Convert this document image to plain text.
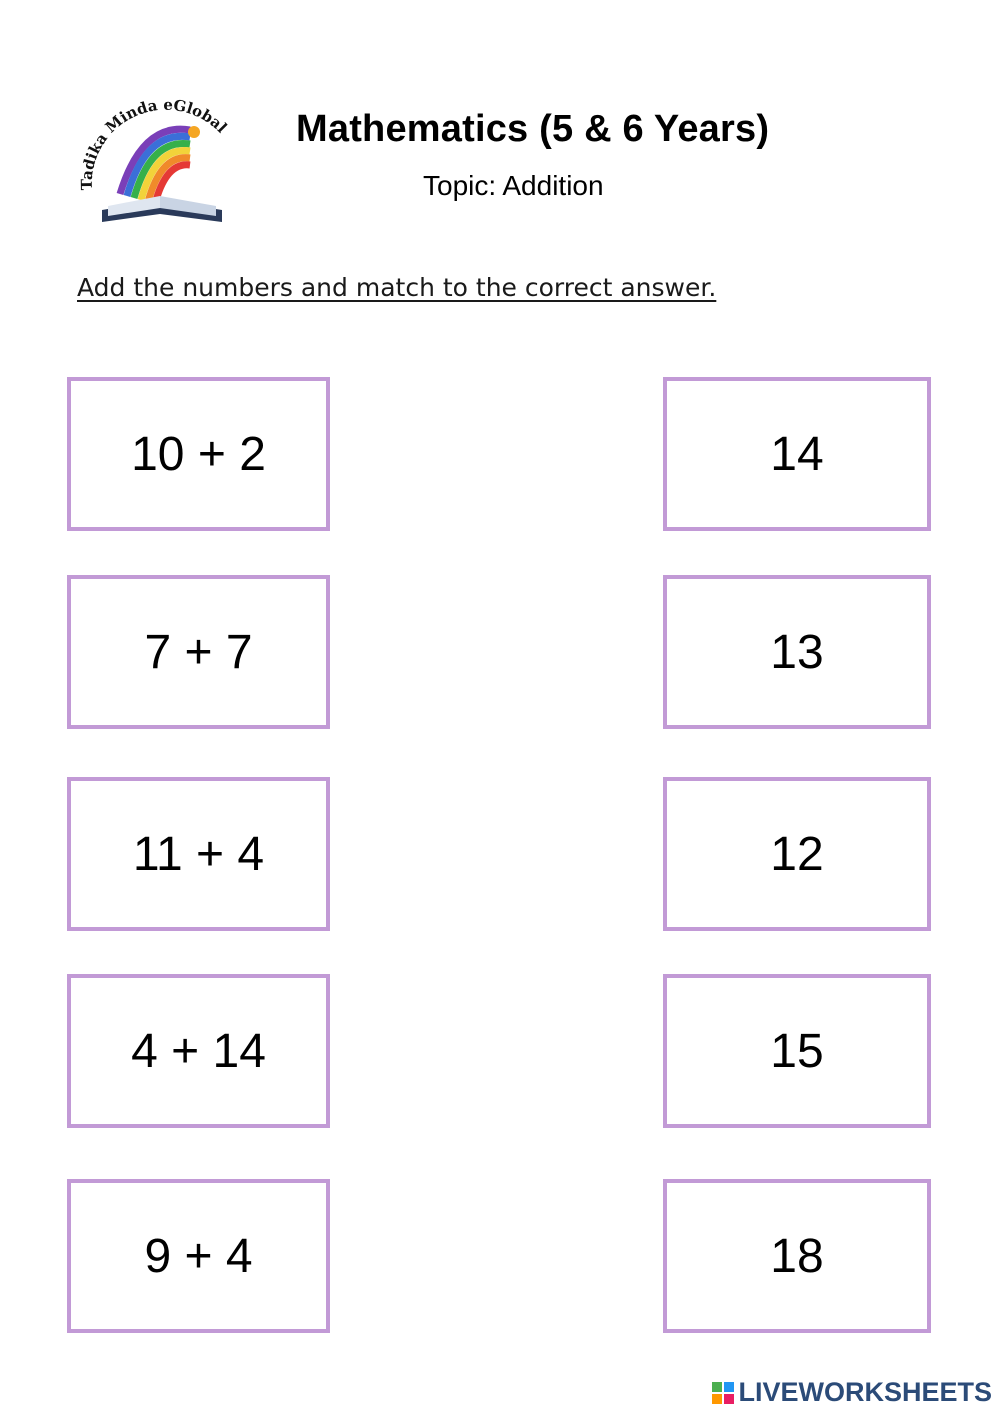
Tadika Minda eGlobal Mathematics (5 & 6 Years)
Topic: Addition
Add the numbers and match to the correct answer.
10 + 2
7 + 7
11 + 4
4 + 14
9 + 4
14
13
12
15
18
LIVEWORKSHEETS
